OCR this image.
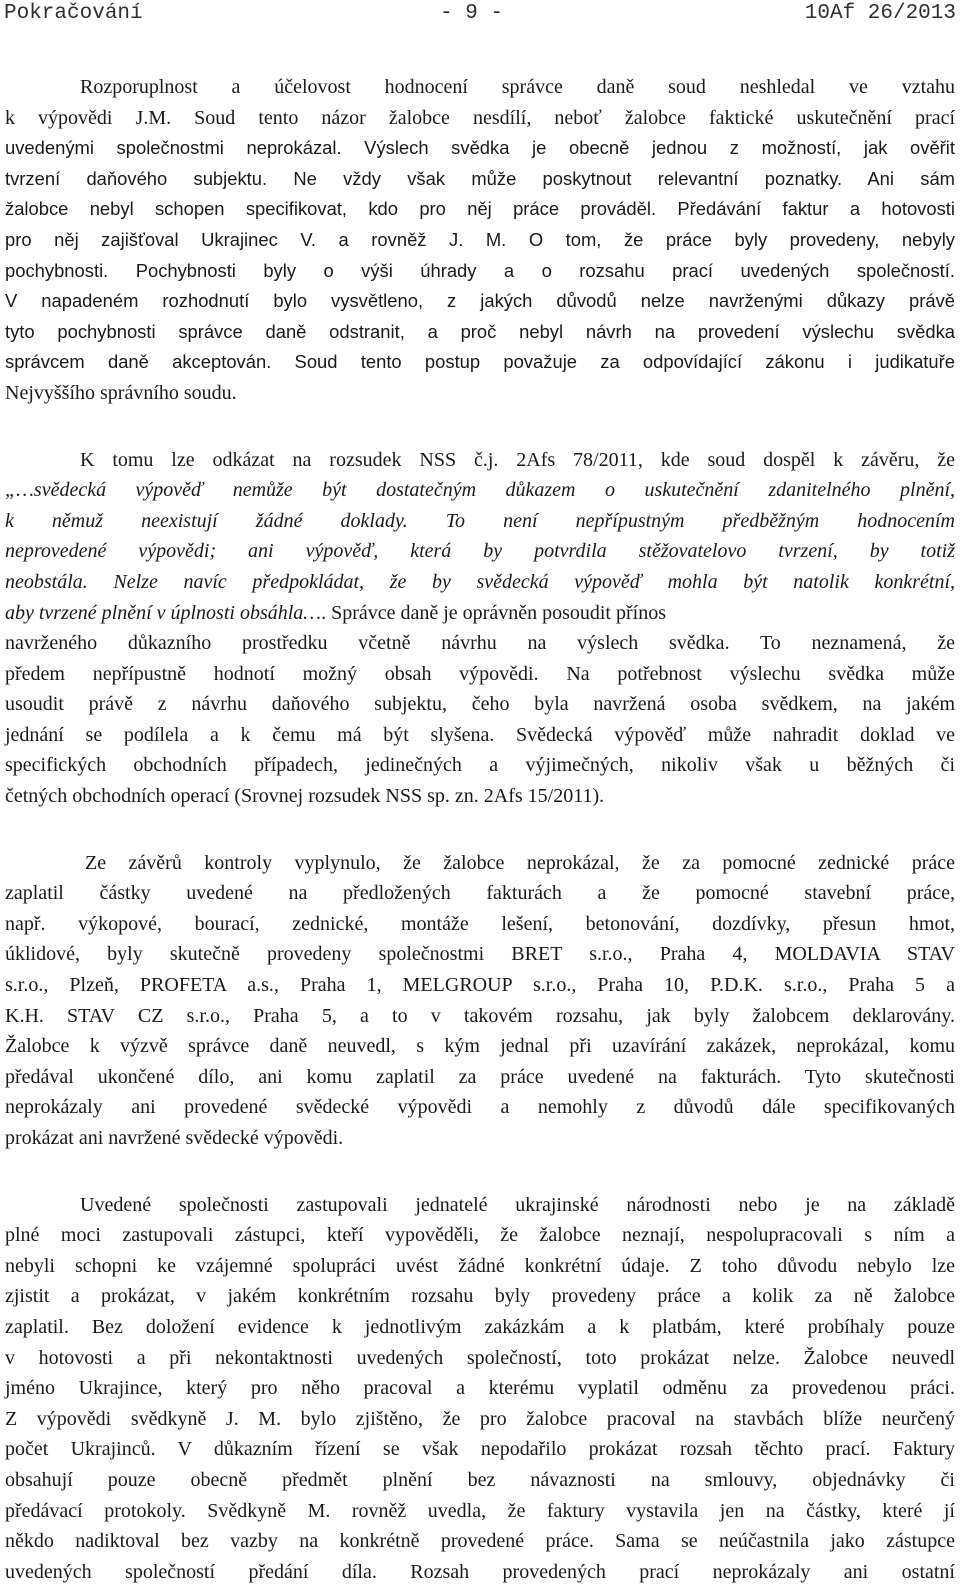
Pokračování

	- 9 -

	10Af 26/2013

Rozporuplnost a účelovost hodnocení správce daně soud neshledal ve vztahu
k výpovědi J.M. Soud tento názor žalobce nesdílí, neboť žalobce faktické uskutečnění prací
uvedenými společnostmi neprokázal. Výslech svědka je obecně jednou z možností, jak ověřit
tvrzení daňového subjektu. Ne vždy však může poskytnout relevantní poznatky. Ani sám
žalobce nebyl schopen specifikovat, kdo pro něj práce prováděl. Předávání faktur a hotovosti
pro něj zajišťoval Ukrajinec V. a rovněž J. M. O tom, že práce byly provedeny, nebyly
pochybnosti. Pochybnosti byly o výši úhrady a o rozsahu prací uvedených společností.
V napadeném rozhodnutí bylo vysvětleno, z jakých důvodů nelze navrženými důkazy právě
tyto pochybnosti správce daně odstranit, a proč nebyl návrh na provedení výslechu svědka
správcem daně akceptován. Soud tento postup považuje za odpovídající zákonu i judikatuře
Nejvyššího správního soudu.
K tomu lze odkázat na rozsudek NSS č.j. 2Afs 78/2011, kde soud dospěl k závěru, že
„…svědecká výpověď nemůže být dostatečným důkazem o uskutečnění zdanitelného plnění,
k němuž neexistují žádné doklady. To není nepřípustným předběžným hodnocením
neprovedené výpovědi; ani výpověď, která by potvrdila stěžovatelovo tvrzení, by totiž
neobstála. Nelze navíc předpokládat, že by svědecká výpověď mohla být natolik konkrétní,
aby tvrzené plnění v úplnosti obsáhla…. Správce daně je oprávněn posoudit přínos
navrženého důkazního prostředku včetně návrhu na výslech svědka. To neznamená, že
předem nepřípustně hodnotí možný obsah výpovědi. Na potřebnost výslechu svědka může
usoudit právě z návrhu daňového subjektu, čeho byla navržená osoba svědkem, na jakém
jednání se podílela a k čemu má být slyšena. Svědecká výpověď může nahradit doklad ve
specifických obchodních případech, jedinečných a výjimečných, nikoliv však u běžných či
četných obchodních operací (Srovnej rozsudek NSS sp. zn. 2Afs 15/2011).
Ze závěrů kontroly vyplynulo, že žalobce neprokázal, že za pomocné zednické práce
zaplatil částky uvedené na předložených fakturách a že pomocné stavební práce,
např. výkopové, bourací, zednické, montáže lešení, betonování, dozdívky, přesun hmot,
úklidové, byly skutečně provedeny společnostmi BRET s.r.o., Praha 4, MOLDAVIA STAV
s.r.o., Plzeň, PROFETA a.s., Praha 1, MELGROUP s.r.o., Praha 10, P.D.K. s.r.o., Praha 5 a
K.H. STAV CZ s.r.o., Praha 5, a to v takovém rozsahu, jak byly žalobcem deklarovány.
Žalobce k výzvě správce daně neuvedl, s kým jednal při uzavírání zakázek, neprokázal, komu
předával ukončené dílo, ani komu zaplatil za práce uvedené na fakturách. Tyto skutečnosti
neprokázaly ani provedené svědecké výpovědi a nemohly z důvodů dále specifikovaných
prokázat ani navržené svědecké výpovědi.
Uvedené společnosti zastupovali jednatelé ukrajinské národnosti nebo je na základě
plné moci zastupovali zástupci, kteří vypověděli, že žalobce neznají, nespolupracovali s ním a
nebyli schopni ke vzájemné spolupráci uvést žádné konkrétní údaje. Z toho důvodu nebylo lze
zjistit a prokázat, v jakém konkrétním rozsahu byly provedeny práce a kolik za ně žalobce
zaplatil. Bez doložení evidence k jednotlivým zakázkám a k platbám, které probíhaly pouze
v hotovosti a při nekontaktnosti uvedených společností, toto prokázat nelze. Žalobce neuvedl
jméno Ukrajince, který pro něho pracoval a kterému vyplatil odměnu za provedenou práci.
Z výpovědi svědkyně J. M. bylo zjištěno, že pro žalobce pracoval na stavbách blíže neurčený
počet Ukrajinců. V důkazním řízení se však nepodařilo prokázat rozsah těchto prací. Faktury
obsahují pouze obecně předmět plnění bez návaznosti na smlouvy, objednávky či
předávací protokoly. Svědkyně M. rovněž uvedla, že faktury vystavila jen na částky, které jí
někdo nadiktoval bez vazby na konkrétně provedené práce. Sama se neúčastnila jako zástupce
uvedených společností předání díla. Rozsah provedených prací neprokázaly ani ostatní
